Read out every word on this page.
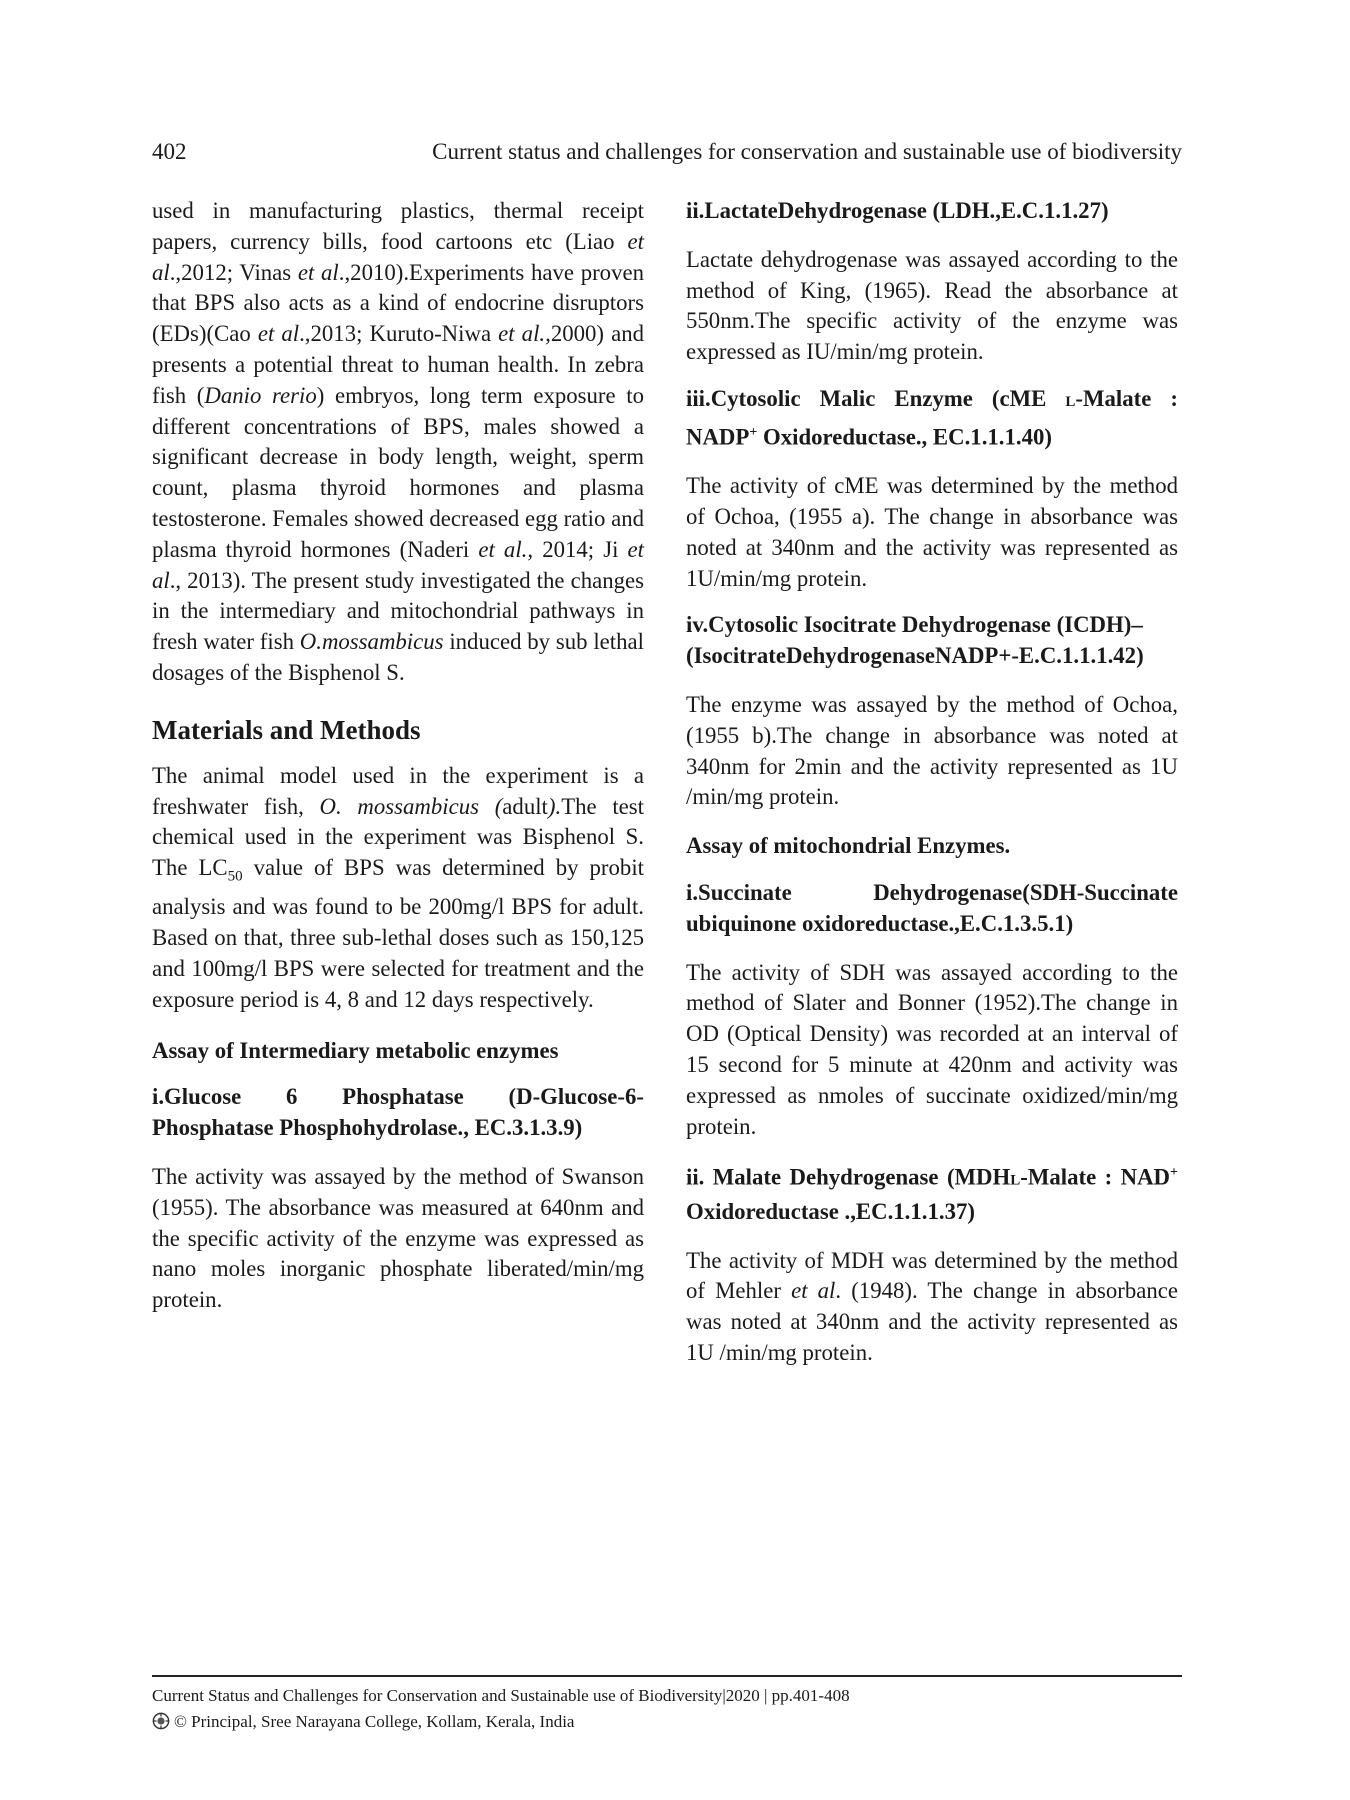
402	Current status and challenges for conservation and sustainable use of biodiversity

used in manufacturing plastics, thermal receipt papers, currency bills, food cartoons etc (Liao et al.,2012; Vinas et al.,2010).Experiments have proven that BPS also acts as a kind of endocrine disruptors (EDs)(Cao et al.,2013; Kuruto-Niwa et al.,2000) and presents a potential threat to human health. In zebra fish (Danio rerio) embryos, long term exposure to different concentrations of BPS, males showed a significant decrease in body length, weight, sperm count, plasma thyroid hormones and plasma testosterone. Females showed decreased egg ratio and plasma thyroid hormones (Naderi et al., 2014; Ji et al., 2013). The present study investigated the changes in the intermediary and mitochondrial pathways in fresh water fish O.mossambicus induced by sub lethal dosages of the Bisphenol S.

Materials and Methods

The animal model used in the experiment is a freshwater fish, O. mossambicus (adult).The test chemical used in the experiment was Bisphenol S. The $LC_{50}$ value of BPS was determined by probit analysis and was found to be 200mg/l BPS for adult. Based on that, three sub-lethal doses such as 150,125 and 100mg/l BPS were selected for treatment and the exposure period is 4, 8 and 12 days respectively.

Assay of Intermediary metabolic enzymes
i.Glucose 6 Phosphatase (D-Glucose-6-Phosphatase Phosphohydrolase., EC.3.1.3.9)

The activity was assayed by the method of Swanson (1955). The absorbance was measured at 640nm and the specific activity of the enzyme was expressed as nano moles inorganic phosphate liberated/min/mg protein.

ii.LactateDehydrogenase (LDH.,E.C.1.1.27)

Lactate dehydrogenase was assayed according to the method of King, (1965). Read the absorbance at 550nm.The specific activity of the enzyme was expressed as IU/min/mg protein.

iii.Cytosolic Malic Enzyme (cME L-Malate : NADP+ Oxidoreductase., EC.1.1.1.40)

The activity of cME was determined by the method of Ochoa, (1955 a). The change in absorbance was noted at 340nm and the activity was represented as 1U/min/mg protein.

iv.Cytosolic Isocitrate Dehydrogenase (ICDH)–
(IsocitrateDehydrogenaseNADP+-E.C.1.1.1.42)

The enzyme was assayed by the method of Ochoa, (1955 b).The change in absorbance was noted at 340nm for 2min and the activity represented as 1U /min/mg protein.

Assay of mitochondrial Enzymes.
i.Succinate Dehydrogenase(SDH-Succinate ubiquinone oxidoreductase.,E.C.1.3.5.1)

The activity of SDH was assayed according to the method of Slater and Bonner (1952).The change in OD (Optical Density) was recorded at an interval of 15 second for 5 minute at 420nm and activity was expressed as nmoles of succinate oxidized/min/mg protein.

ii. Malate Dehydrogenase (MDHL-Malate : NAD+ Oxidoreductase .,EC.1.1.1.37)

The activity of MDH was determined by the method of Mehler et al. (1948). The change in absorbance was noted at 340nm and the activity represented as 1U /min/mg protein.

Current Status and Challenges for Conservation and Sustainable use of Biodiversity|2020 | pp.401-408
© Principal, Sree Narayana College, Kollam, Kerala, India
